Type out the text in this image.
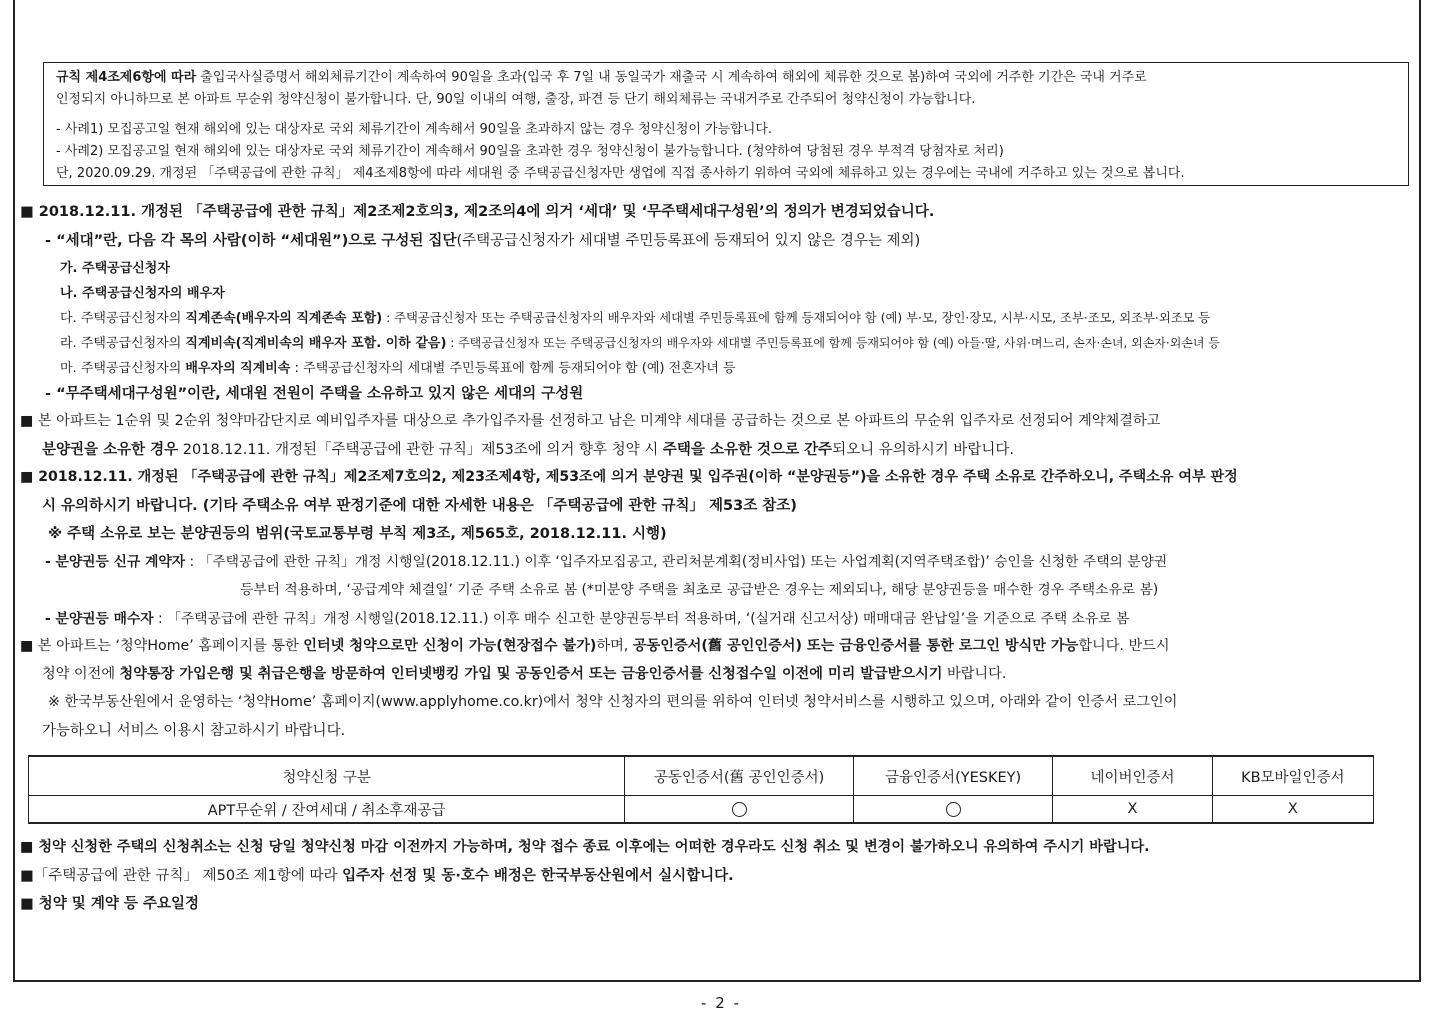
규칙 제4조제6항에 따라 출입국사실증명서 해외체류기간이 계속하여 90일을 초과(입국 후 7일 내 동일국가 재출국 시 계속하여 해외에 체류한 것으로 봄)하여 국외에 거주한 기간은 국내 거주로

인정되지 아니하므로 본 아파트 무순위 청약신청이 불가합니다. 단, 90일 이내의 여행, 출장, 파견 등 단기 해외체류는 국내거주로 간주되어 청약신청이 가능합니다.

- 사례1) 모집공고일 현재 해외에 있는 대상자로 국외 체류기간이 계속해서 90일을 초과하지 않는 경우 청약신청이 가능합니다.

- 사례2) 모집공고일 현재 해외에 있는 대상자로 국외 체류기간이 계속해서 90일을 초과한 경우 청약신청이 불가능합니다. (청약하여 당첨된 경우 부적격 당첨자로 처리)

단, 2020.09.29. 개정된 「주택공급에 관한 규칙」 제4조제8항에 따라 세대원 중 주택공급신청자만 생업에 직접 종사하기 위하여 국외에 체류하고 있는 경우에는 국내에 거주하고 있는 것으로 봅니다.

■ 2018.12.11. 개정된 「주택공급에 관한 규칙」제2조제2호의3, 제2조의4에 의거 ‘세대’ 및 ‘무주택세대구성원’의 정의가 변경되었습니다.
- “세대”란, 다음 각 목의 사람(이하 “세대원”)으로 구성된 집단(주택공급신청자가 세대별 주민등록표에 등재되어 있지 않은 경우는 제외)
가. 주택공급신청자
나. 주택공급신청자의 배우자
다. 주택공급신청자의 직계존속(배우자의 직계존속 포함) : 주택공급신청자 또는 주택공급신청자의 배우자와 세대별 주민등록표에 함께 등재되어야 함 (예) 부·모, 장인·장모, 시부·시모, 조부·조모, 외조부·외조모 등
라. 주택공급신청자의 직계비속(직계비속의 배우자 포함. 이하 같음) : 주택공급신청자 또는 주택공급신청자의 배우자와 세대별 주민등록표에 함께 등재되어야 함 (예) 아들·딸, 사위·며느리, 손자·손녀, 외손자·외손녀 등
마. 주택공급신청자의 배우자의 직계비속 : 주택공급신청자의 세대별 주민등록표에 함께 등재되어야 함 (예) 전혼자녀 등
- “무주택세대구성원”이란, 세대원 전원이 주택을 소유하고 있지 않은 세대의 구성원
■ 본 아파트는 1순위 및 2순위 청약마감단지로 예비입주자를 대상으로 추가입주자를 선정하고 남은 미계약 세대를 공급하는 것으로 본 아파트의 무순위 입주자로 선정되어 계약체결하고
분양권을 소유한 경우 2018.12.11. 개정된「주택공급에 관한 규칙」제53조에 의거 향후 청약 시 주택을 소유한 것으로 간주되오니 유의하시기 바랍니다.
■ 2018.12.11. 개정된 「주택공급에 관한 규칙」제2조제7호의2, 제23조제4항, 제53조에 의거 분양권 및 입주권(이하 “분양권등”)을 소유한 경우 주택 소유로 간주하오니, 주택소유 여부 판정
시 유의하시기 바랍니다. (기타 주택소유 여부 판정기준에 대한 자세한 내용은 「주택공급에 관한 규칙」 제53조 참조)
※ 주택 소유로 보는 분양권등의 범위(국토교통부령 부칙 제3조, 제565호, 2018.12.11. 시행)
- 분양권등 신규 계약자 : 「주택공급에 관한 규칙」개정 시행일(2018.12.11.) 이후 ‘입주자모집공고, 관리처분계획(정비사업) 또는 사업계획(지역주택조합)’ 승인을 신청한 주택의 분양권
등부터 적용하며, ‘공급계약 체결일’ 기준 주택 소유로 봄 (*미분양 주택을 최초로 공급받은 경우는 제외되나, 해당 분양권등을 매수한 경우 주택소유로 봄)
- 분양권등 매수자 : 「주택공급에 관한 규칙」개정 시행일(2018.12.11.) 이후 매수 신고한 분양권등부터 적용하며, ‘(실거래 신고서상) 매매대금 완납일’을 기준으로 주택 소유로 봄
■ 본 아파트는 ‘청약Home’ 홈페이지를 통한 인터넷 청약으로만 신청이 가능(현장접수 불가)하며, 공동인증서(舊 공인인증서) 또는 금융인증서를 통한 로그인 방식만 가능합니다. 반드시
청약 이전에 청약통장 가입은행 및 취급은행을 방문하여 인터넷뱅킹 가입 및 공동인증서 또는 금융인증서를 신청접수일 이전에 미리 발급받으시기 바랍니다.
※ 한국부동산원에서 운영하는 ‘청약Home’ 홈페이지(www.applyhome.co.kr)에서 청약 신청자의 편의를 위하여 인터넷 청약서비스를 시행하고 있으며, 아래와 같이 인증서 로그인이
가능하오니 서비스 이용시 참고하시기 바랍니다.
청약신청 구분	공동인증서(舊 공인인증서)	금융인증서(YESKEY)	네이버인증서	KB모바일인증서
APT무순위 / 잔여세대 / 취소후재공급			X	X
■ 청약 신청한 주택의 신청취소는 신청 당일 청약신청 마감 이전까지 가능하며, 청약 접수 종료 이후에는 어떠한 경우라도 신청 취소 및 변경이 불가하오니 유의하여 주시기 바랍니다.
■「주택공급에 관한 규칙」 제50조 제1항에 따라 입주자 선정 및 동·호수 배정은 한국부동산원에서 실시합니다.
■ 청약 및 계약 등 주요일정
- 2 -
